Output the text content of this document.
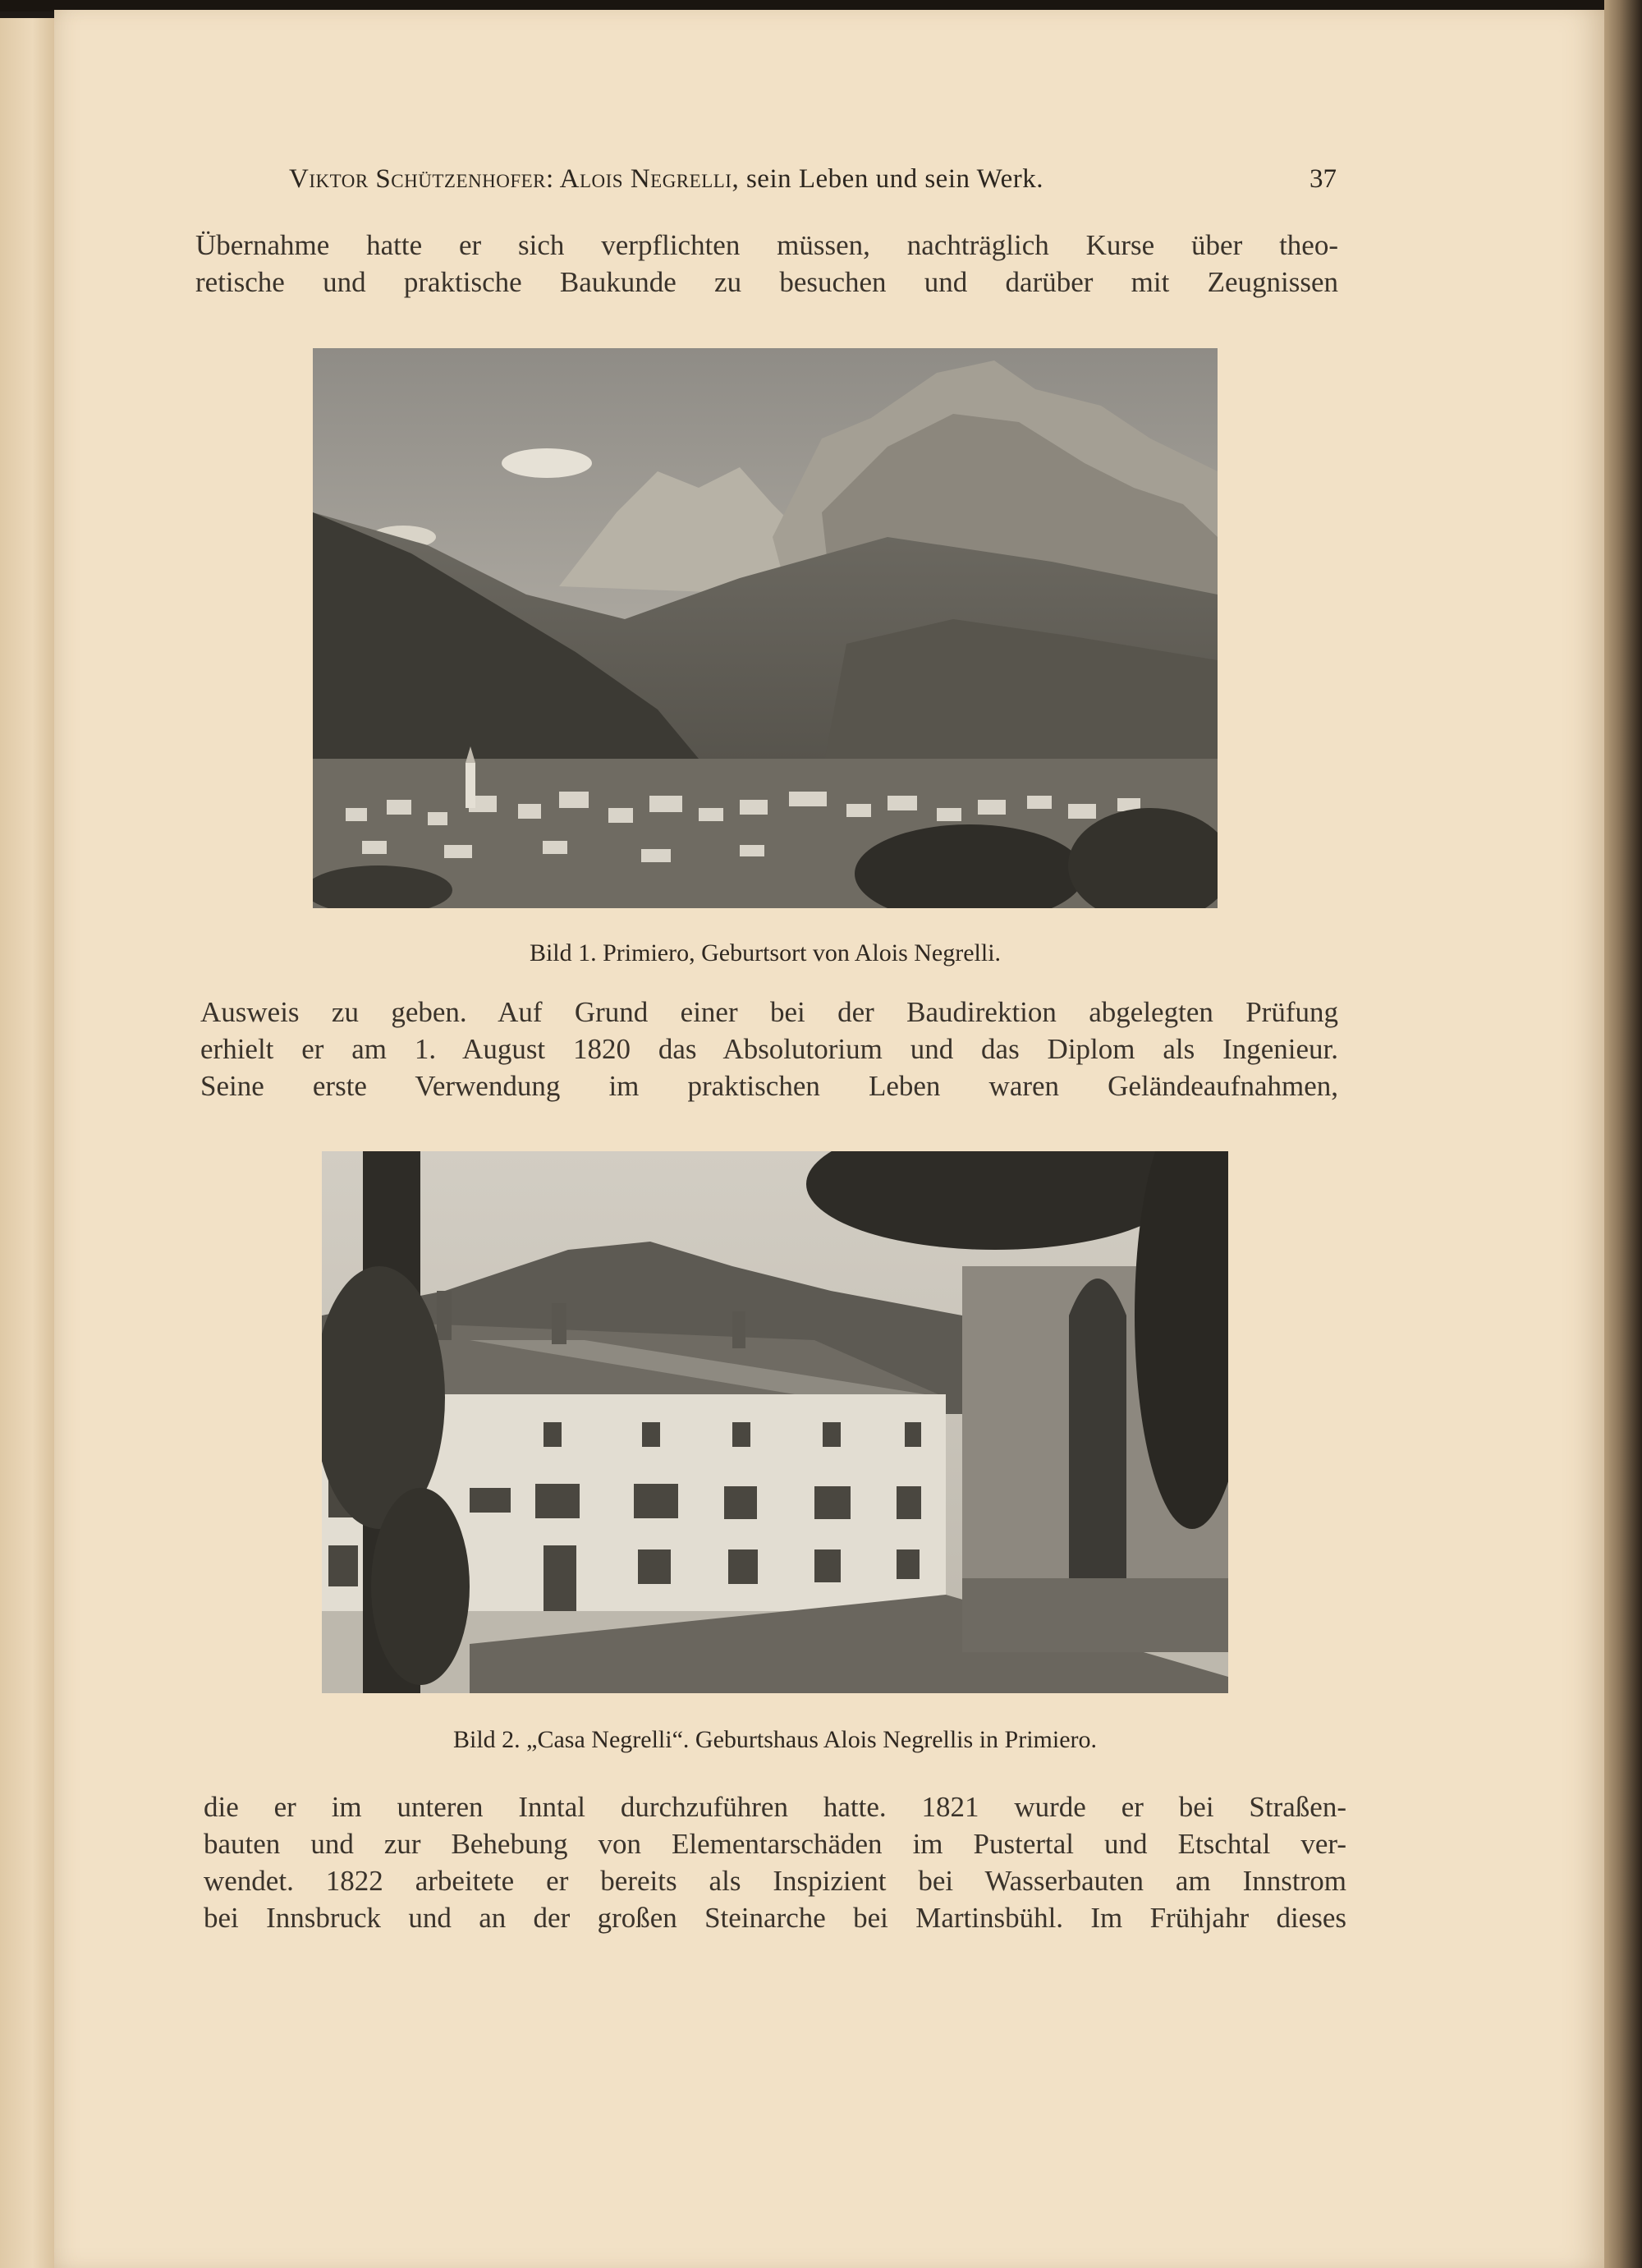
Viktor Schützenhofer: Alois Negrelli, sein Leben und sein Werk.	37
Übernahme hatte er sich verpflichten müssen, nachträglich Kurse über theo-
retische und praktische Baukunde zu besuchen und darüber mit Zeugnissen
Bild 1. Primiero, Geburtsort von Alois Negrelli.
Ausweis zu geben. Auf Grund einer bei der Baudirektion abgelegten Prüfung
erhielt er am 1. August 1820 das Absolutorium und das Diplom als Ingenieur.
Seine erste Verwendung im praktischen Leben waren Geländeaufnahmen,
Bild 2. „Casa Negrelli“. Geburtshaus Alois Negrellis in Primiero.
die er im unteren Inntal durchzuführen hatte. 1821 wurde er bei Straßen-
bauten und zur Behebung von Elementarschäden im Pustertal und Etschtal ver-
wendet. 1822 arbeitete er bereits als Inspizient bei Wasserbauten am Innstrom
bei Innsbruck und an der großen Steinarche bei Martinsbühl. Im Frühjahr dieses
